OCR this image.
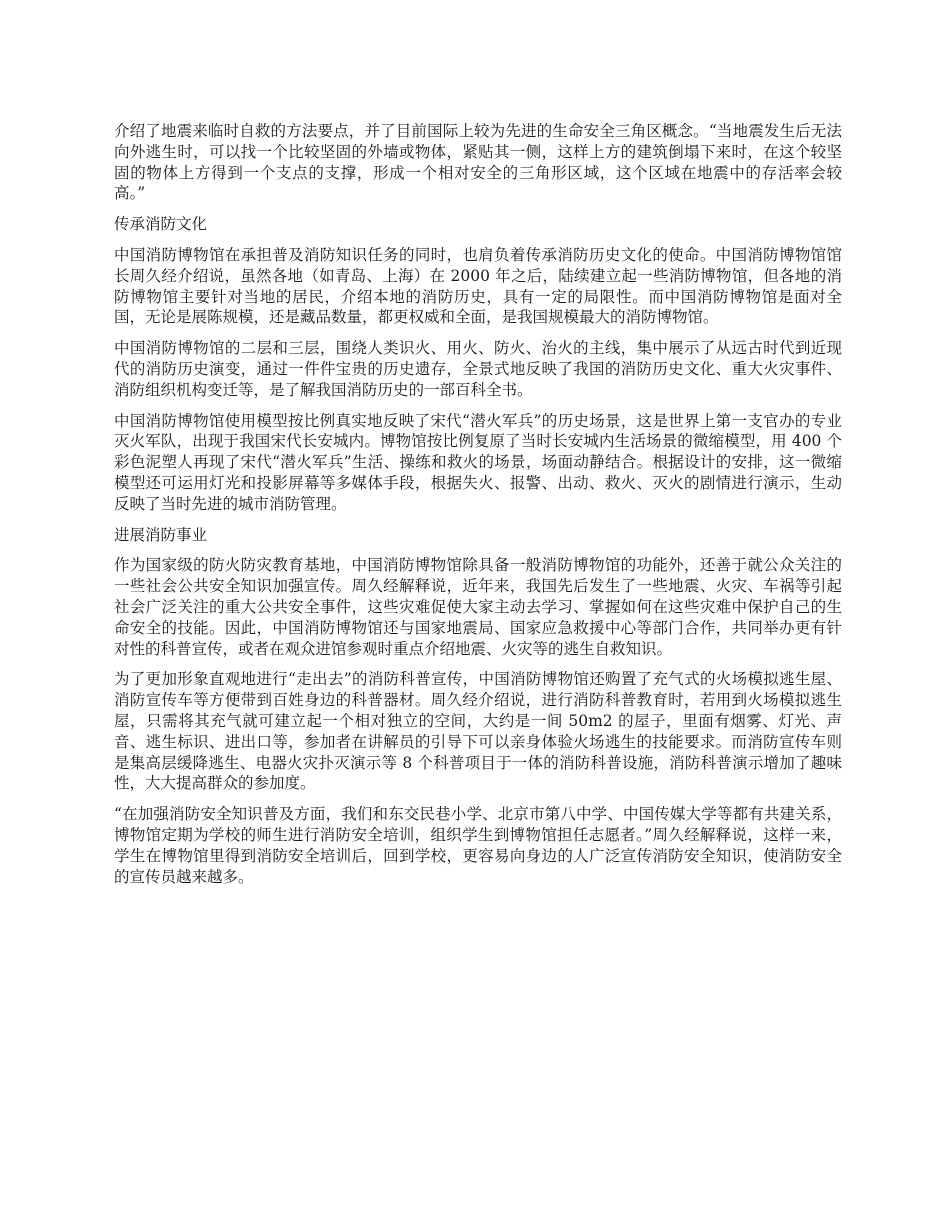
介绍了地震来临时自救的方法要点，并了目前国际上较为先进的生命安全三角区概念。“当地震发生后无法向外逃生时，可以找一个比较坚固的外墙或物体，紧贴其一侧，这样上方的建筑倒塌下来时，在这个较坚固的物体上方得到一个支点的支撑，形成一个相对安全的三角形区域，这个区域在地震中的存活率会较高。”

传承消防文化

中国消防博物馆在承担普及消防知识任务的同时，也肩负着传承消防历史文化的使命。中国消防博物馆馆长周久经介绍说，虽然各地（如青岛、上海）在 2000 年之后，陆续建立起一些消防博物馆，但各地的消防博物馆主要针对当地的居民，介绍本地的消防历史，具有一定的局限性。而中国消防博物馆是面对全国，无论是展陈规模，还是藏品数量，都更权威和全面，是我国规模最大的消防博物馆。

中国消防博物馆的二层和三层，围绕人类识火、用火、防火、治火的主线，集中展示了从远古时代到近现代的消防历史演变，通过一件件宝贵的历史遗存，全景式地反映了我国的消防历史文化、重大火灾事件、消防组织机构变迁等，是了解我国消防历史的一部百科全书。

中国消防博物馆使用模型按比例真实地反映了宋代“潜火军兵”的历史场景，这是世界上第一支官办的专业灭火军队，出现于我国宋代长安城内。博物馆按比例复原了当时长安城内生活场景的微缩模型，用 400 个彩色泥塑人再现了宋代“潜火军兵”生活、操练和救火的场景，场面动静结合。根据设计的安排，这一微缩模型还可运用灯光和投影屏幕等多媒体手段，根据失火、报警、出动、救火、灭火的剧情进行演示，生动反映了当时先进的城市消防管理。

进展消防事业

作为国家级的防火防灾教育基地，中国消防博物馆除具备一般消防博物馆的功能外，还善于就公众关注的一些社会公共安全知识加强宣传。周久经解释说，近年来，我国先后发生了一些地震、火灾、车祸等引起社会广泛关注的重大公共安全事件，这些灾难促使大家主动去学习、掌握如何在这些灾难中保护自己的生命安全的技能。因此，中国消防博物馆还与国家地震局、国家应急救援中心等部门合作，共同举办更有针对性的科普宣传，或者在观众进馆参观时重点介绍地震、火灾等的逃生自救知识。

为了更加形象直观地进行“走出去”的消防科普宣传，中国消防博物馆还购置了充气式的火场模拟逃生屋、消防宣传车等方便带到百姓身边的科普器材。周久经介绍说，进行消防科普教育时，若用到火场模拟逃生屋，只需将其充气就可建立起一个相对独立的空间，大约是一间 50m2 的屋子，里面有烟雾、灯光、声音、逃生标识、进出口等，参加者在讲解员的引导下可以亲身体验火场逃生的技能要求。而消防宣传车则是集高层缓降逃生、电器火灾扑灭演示等 8 个科普项目于一体的消防科普设施，消防科普演示增加了趣味性，大大提高群众的参加度。

“在加强消防安全知识普及方面，我们和东交民巷小学、北京市第八中学、中国传媒大学等都有共建关系，博物馆定期为学校的师生进行消防安全培训，组织学生到博物馆担任志愿者。”周久经解释说，这样一来，学生在博物馆里得到消防安全培训后，回到学校，更容易向身边的人广泛宣传消防安全知识，使消防安全的宣传员越来越多。
